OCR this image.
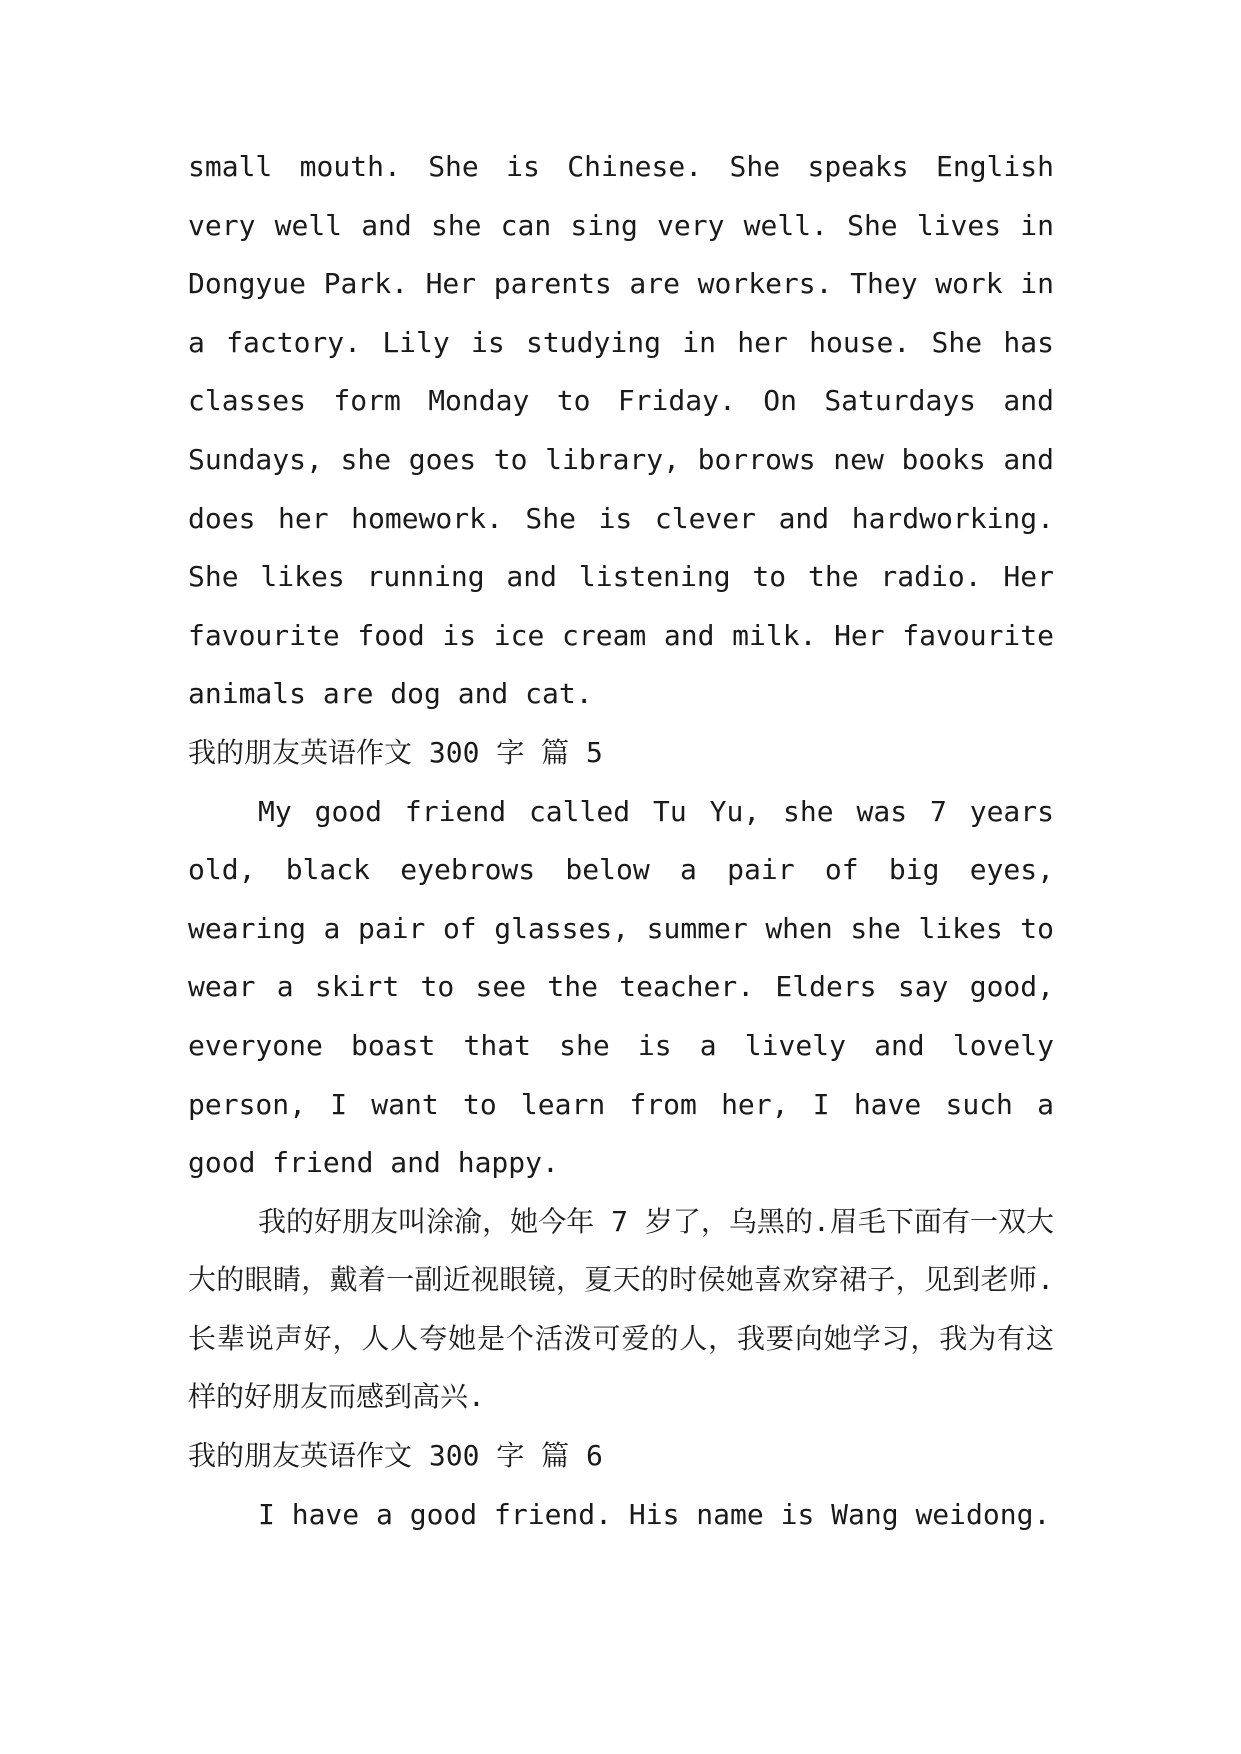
small mouth. She is Chinese. She speaks English very well and she can sing very well. She lives in Dongyue Park. Her parents are workers. They work in a factory. Lily is studying in her house. She has classes form Monday to Friday. On Saturdays and Sundays, she goes to library, borrows new books and does her homework. She is clever and hardworking. She likes running and listening to the radio. Her favourite food is ice cream and milk. Her favourite animals are dog and cat.

我的朋友英语作文 300 字 篇 5

My good friend called Tu Yu, she was 7 years old, black eyebrows below a pair of big eyes, wearing a pair of glasses, summer when she likes to wear a skirt to see the teacher. Elders say good, everyone boast that she is a lively and lovely person, I want to learn from her, I have such a good friend and happy.

我的好朋友叫涂渝，她今年 7 岁了，乌黑的.眉毛下面有一双大大的眼睛，戴着一副近视眼镜，夏天的时侯她喜欢穿裙子，见到老师.长辈说声好，人人夸她是个活泼可爱的人，我要向她学习，我为有这样的好朋友而感到高兴.

我的朋友英语作文 300 字 篇 6

I have a good friend. His name is Wang weidong.
